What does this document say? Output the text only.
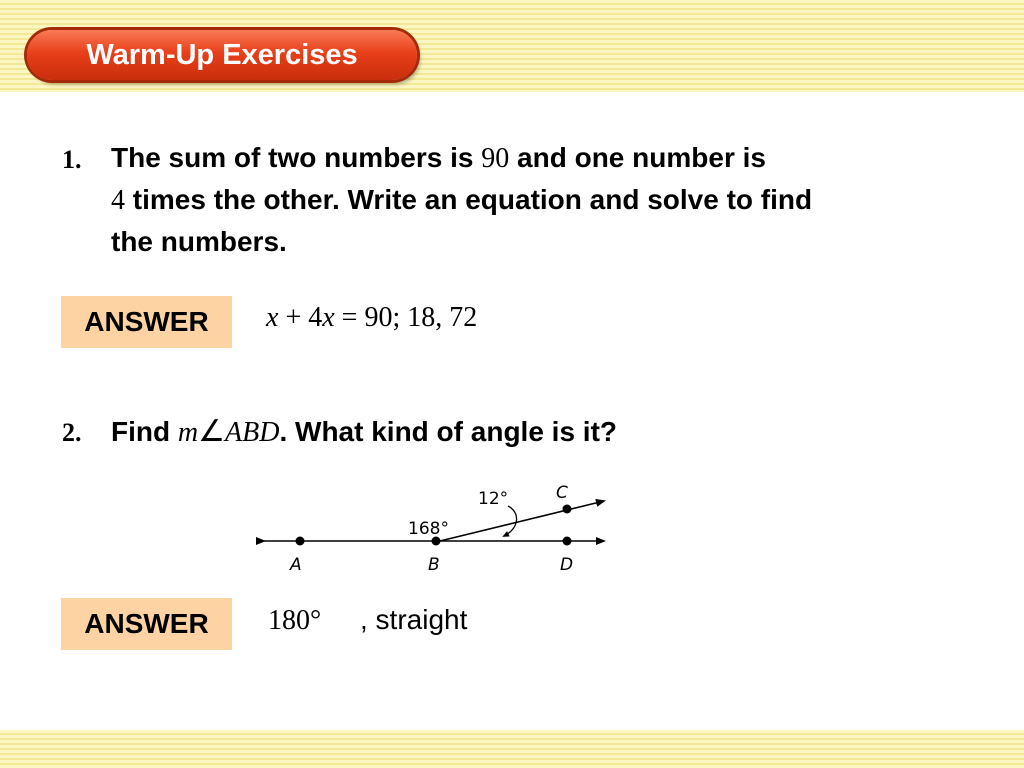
Warm-Up Exercises
1. The sum of two numbers is 90 and one number is
4 times the other. Write an equation and solve to find
the numbers.
ANSWER	x + 4x = 90; 18, 72
2. Find m∠ABD. What kind of angle is it?
A	B	D
C
12°
168°
ANSWER	180° , straight
